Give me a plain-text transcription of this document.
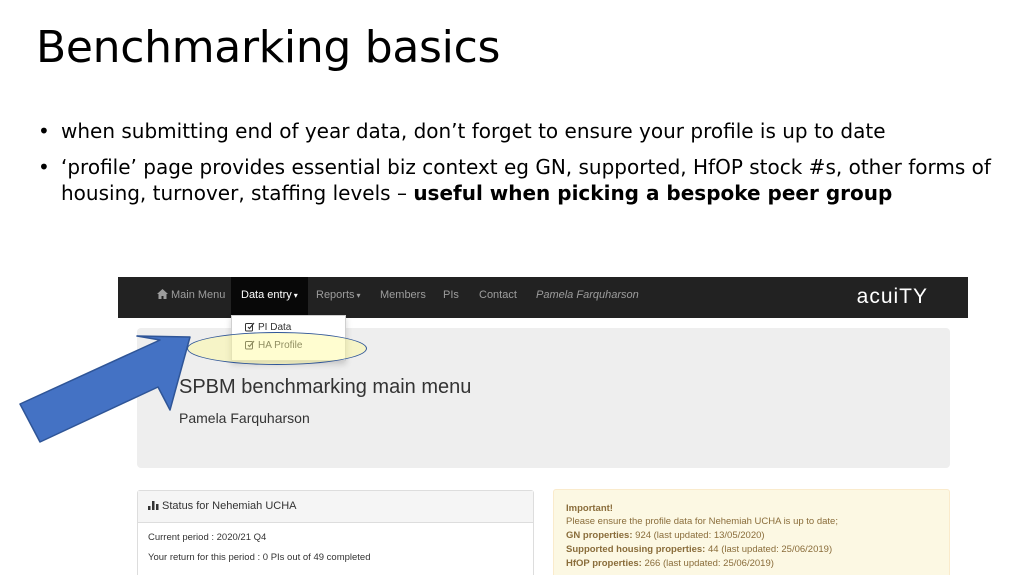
Benchmarking basics
• when submitting end of year data, don’t forget to ensure your profile is up to date
• ‘profile’ page provides essential biz context eg GN, supported, HfOP stock #s, other forms of housing, turnover, staffing levels – useful when picking a bespoke peer group
Main Menu	Data entry ▾	Reports ▾ Members PIs Contact Pamela Farquharson	acuiTY
SPBM benchmarking main menu
Pamela Farquharson
PI Data
HA Profile
Status for Nehemiah UCHA
Current period : 2020/21 Q4
Your return for this period : 0 PIs out of 49 completed
Important!
Please ensure the profile data for Nehemiah UCHA is up to date;
GN properties: 924 (last updated: 13/05/2020)
Supported housing properties: 44 (last updated: 25/06/2019)
HfOP properties: 266 (last updated: 25/06/2019)
